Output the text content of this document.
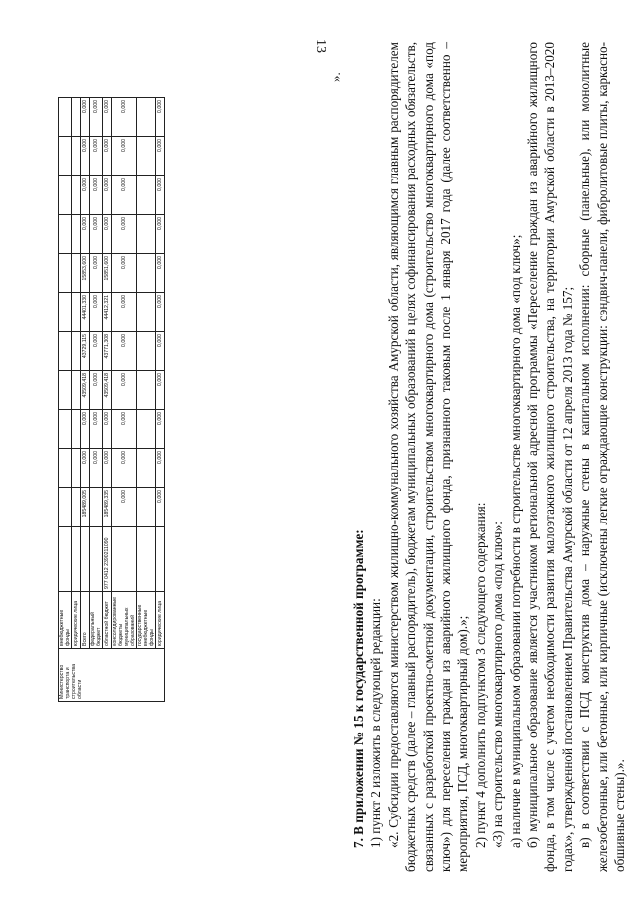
13
Министерство транспорта и строительства области	внебюджетные фонды												
	юридические лица												
	Всего		185489,005	0,000	0,000	43509,418	43729,115	44401,330	15853,600	0,000	0,000	0,000	0,000
	федеральный бюджет			0,000	0,000	0,000	0,000	0,000	0,000	0,000	0,000	0,000	0,000
	областной бюджет	977 0412 2390211090	185489,335	0,000	0,000	43509,418	43771,308	44412,321	15851,600	0,000	0,000	0,000	0,000
	консолидированные бюджеты муниципальных образований		0,000	0,000	0,000	0,000	0,000	0,000	0,000	0,000	0,000	0,000	0,000
	государственные внебюджетные фонды												
	юридические лица		0,000	0,000	0,000	0,000	0,000	0,000	0,000	0,000	0,000	0,000	0,000
».

7. В приложении № 15 к государственной программе: 1) пункт 2 изложить в следующей редакции: «2. Субсидии предоставляются министерством жилищно-коммунального хозяйства Амурской области, являющимся главным распорядителем бюджетных средств (далее – главный распорядитель), бюджетам муниципальных образований в целях софинансирования расходных обязательств, связанных с разработкой проектно-сметной документации, строительством многоквартирного дома (строительство многоквартирного дома «под ключ») для переселения граждан из аварийного жилищного фонда, признанного таковым после 1 января 2017 года (далее соответственно – мероприятия, ПСД, многоквартирный дом).»; 2) пункт 4 дополнить подпунктом 3 следующего содержания: «3) на строительство многоквартирного дома «под ключ»: а) наличие в муниципальном образовании потребности в строительстве многоквартирного дома «под ключ»; б) муниципальное образование является участником региональной адресной программы «Переселение граждан из аварийного жилищного фонда, в том числе с учетом необходимости развития малоэтажного жилищного строительства, на территории Амурской области в 2013–2020 годах», утвержденной постановлением Правительства Амурской области от 12 апреля 2013 года № 157; в) в соответствии с ПСД конструктив дома – наружные стены в капитальном исполнении: сборные (панельные), или монолитные железобетонные, или бетонные, или кирпичные (исключены легкие ограждающие конструкции: сэндвич-панели, фибролитовые плиты, каркасно-обшивные стены).».
